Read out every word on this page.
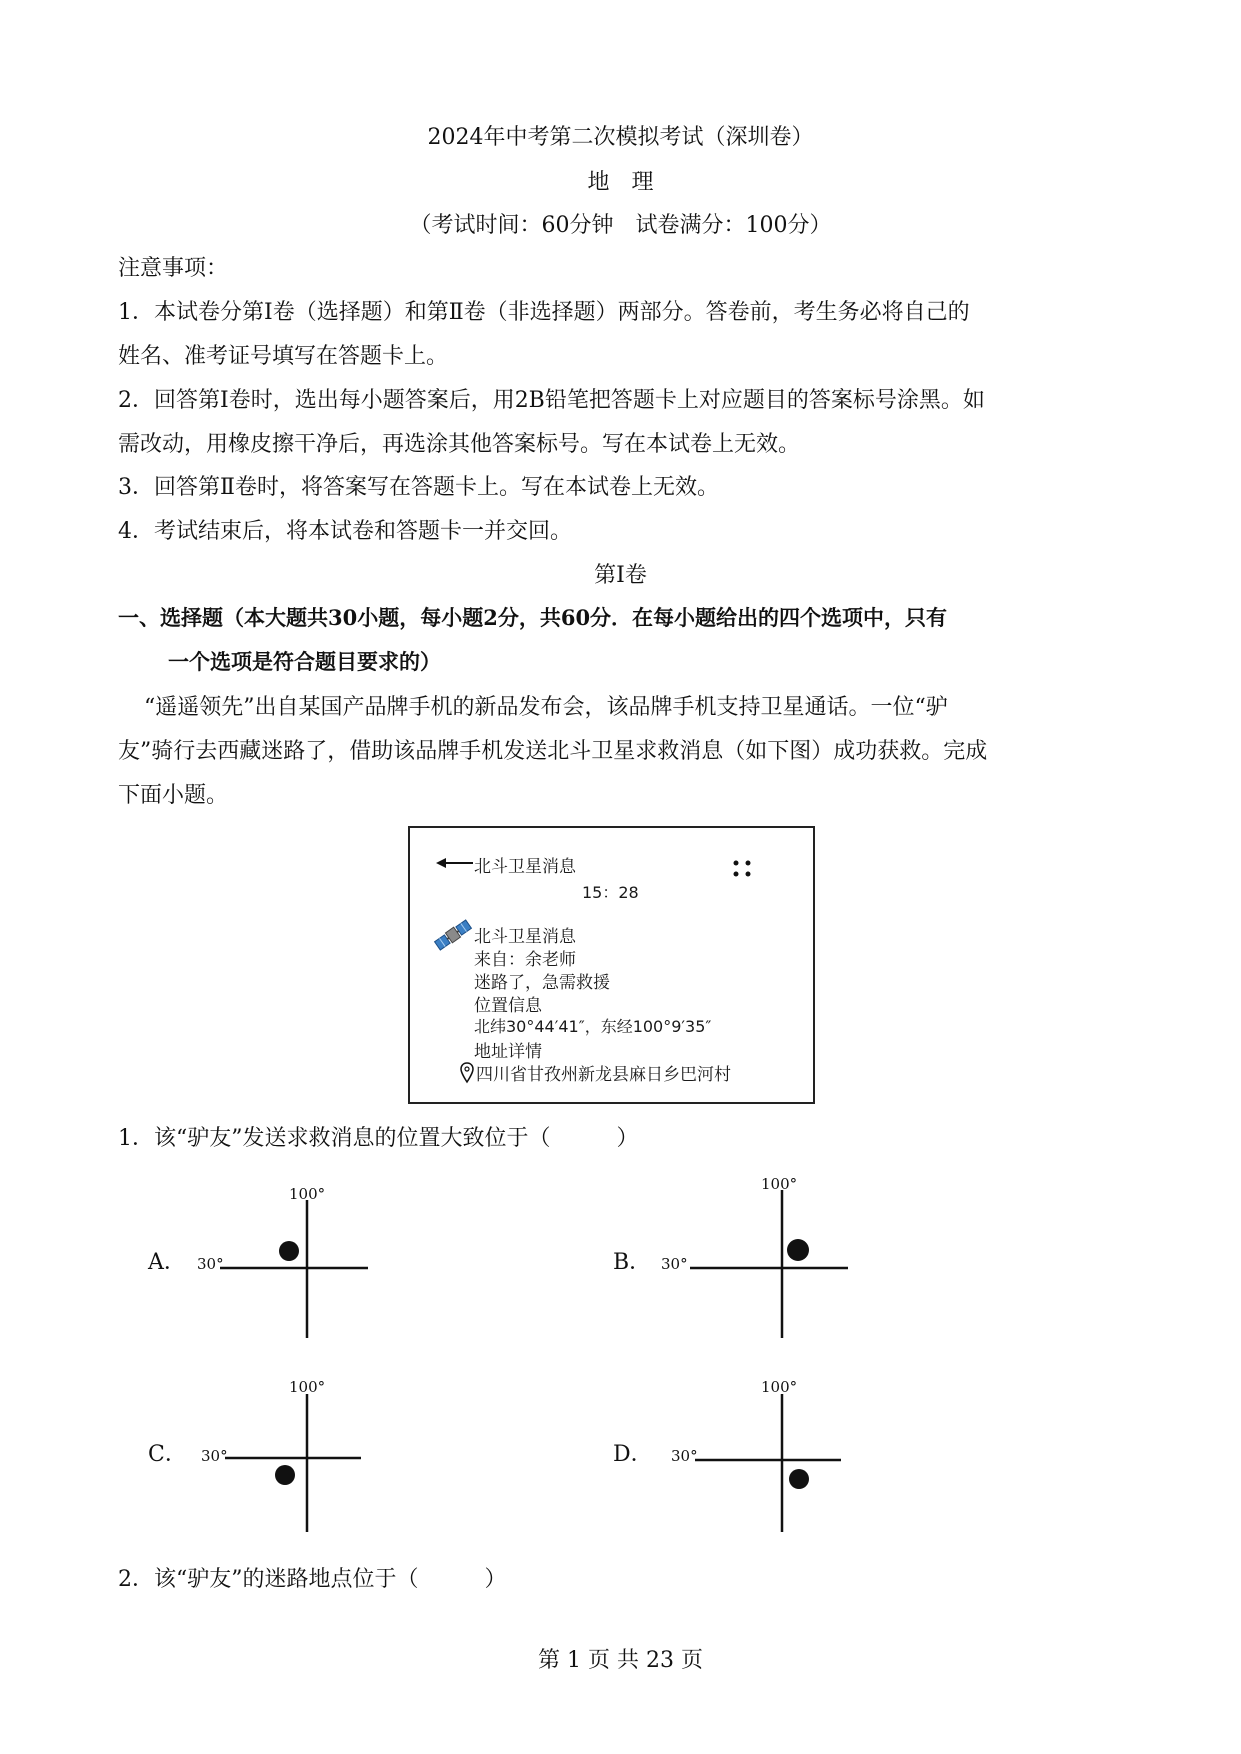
2024年中考第二次模拟考试（深圳卷）
地　理
（考试时间：60分钟　试卷满分：100分）
注意事项：
1．本试卷分第Ⅰ卷（选择题）和第Ⅱ卷（非选择题）两部分。答卷前，考生务必将自己的
姓名、准考证号填写在答题卡上。
2．回答第Ⅰ卷时，选出每小题答案后，用2B铅笔把答题卡上对应题目的答案标号涂黑。如
需改动，用橡皮擦干净后，再选涂其他答案标号。写在本试卷上无效。
3．回答第Ⅱ卷时，将答案写在答题卡上。写在本试卷上无效。
4．考试结束后，将本试卷和答题卡一并交回。
第Ⅰ卷
一、选择题（本大题共30小题，每小题2分，共60分．在每小题给出的四个选项中，只有
一个选项是符合题目要求的）
“遥遥领先”出自某国产品牌手机的新品发布会，该品牌手机支持卫星通话。一位“驴
友”骑行去西藏迷路了，借助该品牌手机发送北斗卫星求救消息（如下图）成功获救。完成
下面小题。
北斗卫星消息
15：28
北斗卫星消息
来自：余老师
迷路了，急需救援
位置信息
北纬30°44′41″，东经100°9′35″
地址详情
四川省甘孜州新龙县麻日乡巴河村
1．该“驴友”发送求救消息的位置大致位于（　　　）
A．
100°
30°	B．
100°
30°
C．
100°
30°	D．
100°
30°
2．该“驴友”的迷路地点位于（　　　）
第 1 页 共 23 页
